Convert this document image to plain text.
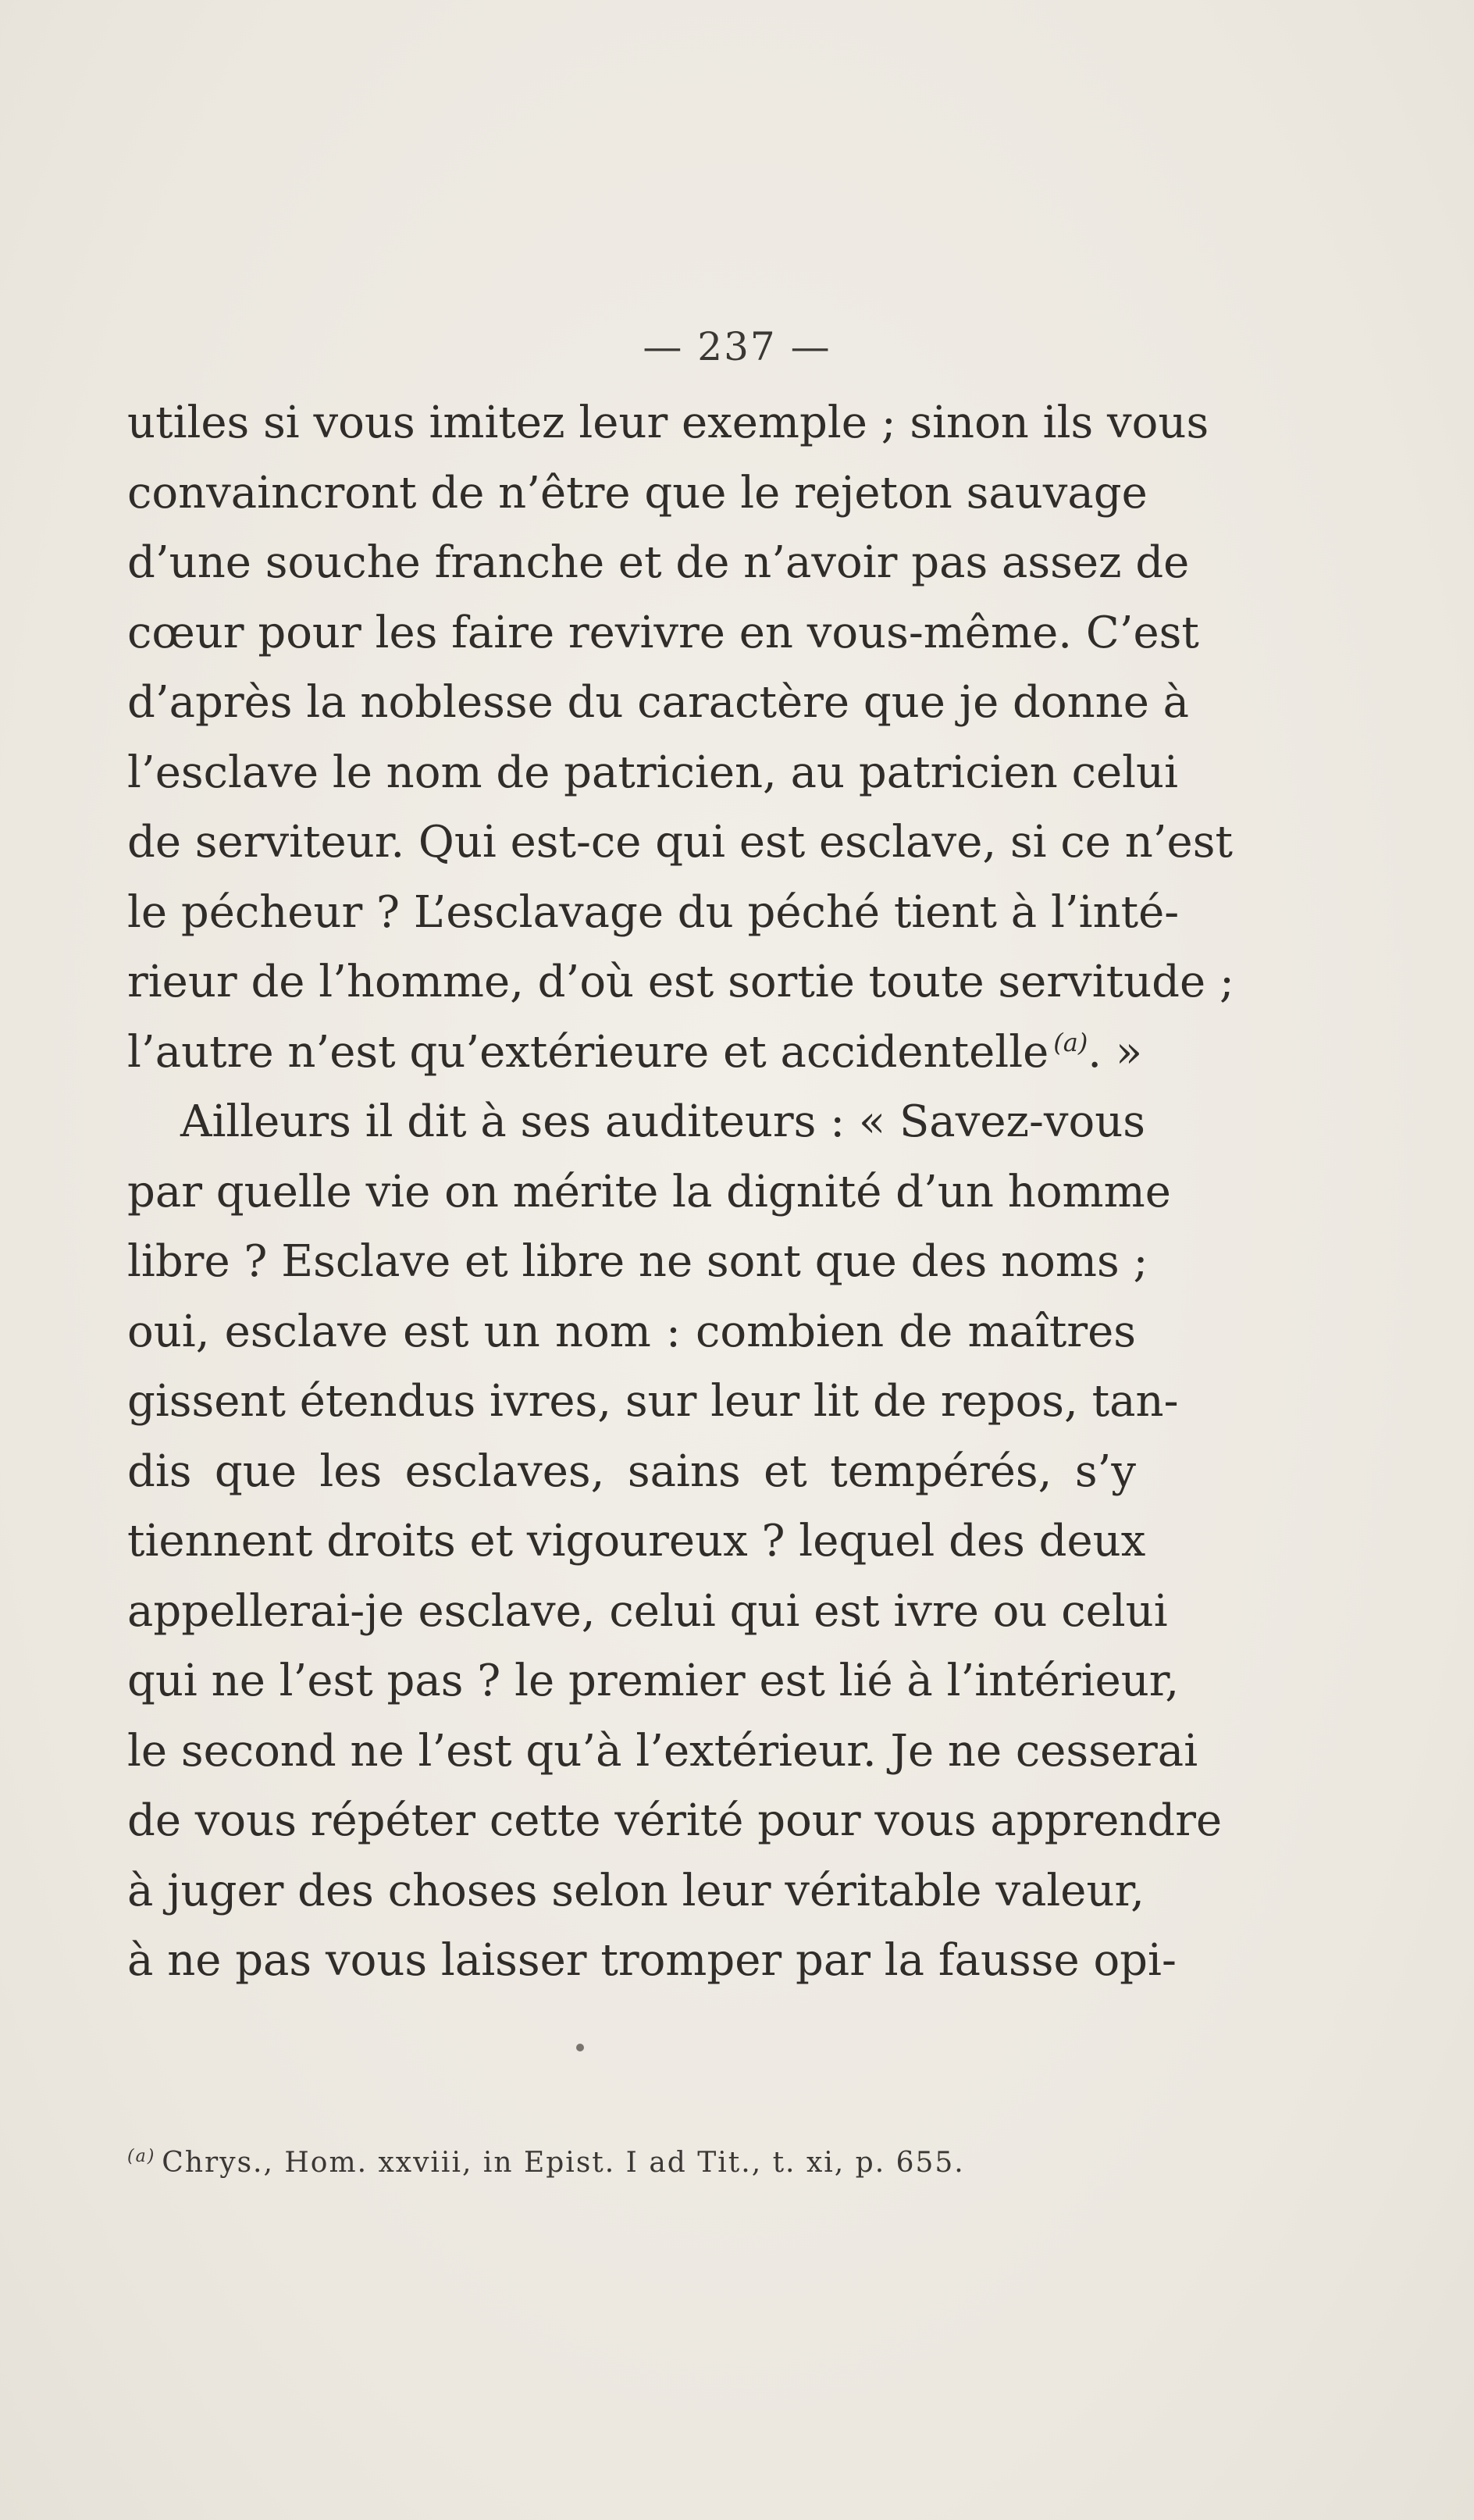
— 237 —
utiles si vous imitez leur exemple ; sinon ils vous
convaincront de n’être que le rejeton sauvage
d’une souche franche et de n’avoir pas assez de
cœur pour les faire revivre en vous-même. C’est
d’après la noblesse du caractère que je donne à
l’esclave le nom de patricien, au patricien celui
de serviteur. Qui est-ce qui est esclave, si ce n’est
le pécheur ? L’esclavage du péché tient à l’inté-
rieur de l’homme, d’où est sortie toute servitude ;
l’autre n’est qu’extérieure et accidentelle $^{(a)}$. »
Ailleurs il dit à ses auditeurs : « Savez-vous
par quelle vie on mérite la dignité d’un homme
libre ? Esclave et libre ne sont que des noms ;
oui, esclave est un nom : combien de maîtres
gissent étendus ivres, sur leur lit de repos, tan-
dis que les esclaves, sains et tempérés, s’y
tiennent droits et vigoureux ? lequel des deux
appellerai-je esclave, celui qui est ivre ou celui
qui ne l’est pas ? le premier est lié à l’intérieur,
le second ne l’est qu’à l’extérieur. Je ne cesserai
de vous répéter cette vérité pour vous apprendre
à juger des choses selon leur véritable valeur,
à ne pas vous laisser tromper par la fausse opi-
$^{(a)}$ Chrys., Hom. xxviii, in Epist. I ad Tit., t. xi, p. 655.
